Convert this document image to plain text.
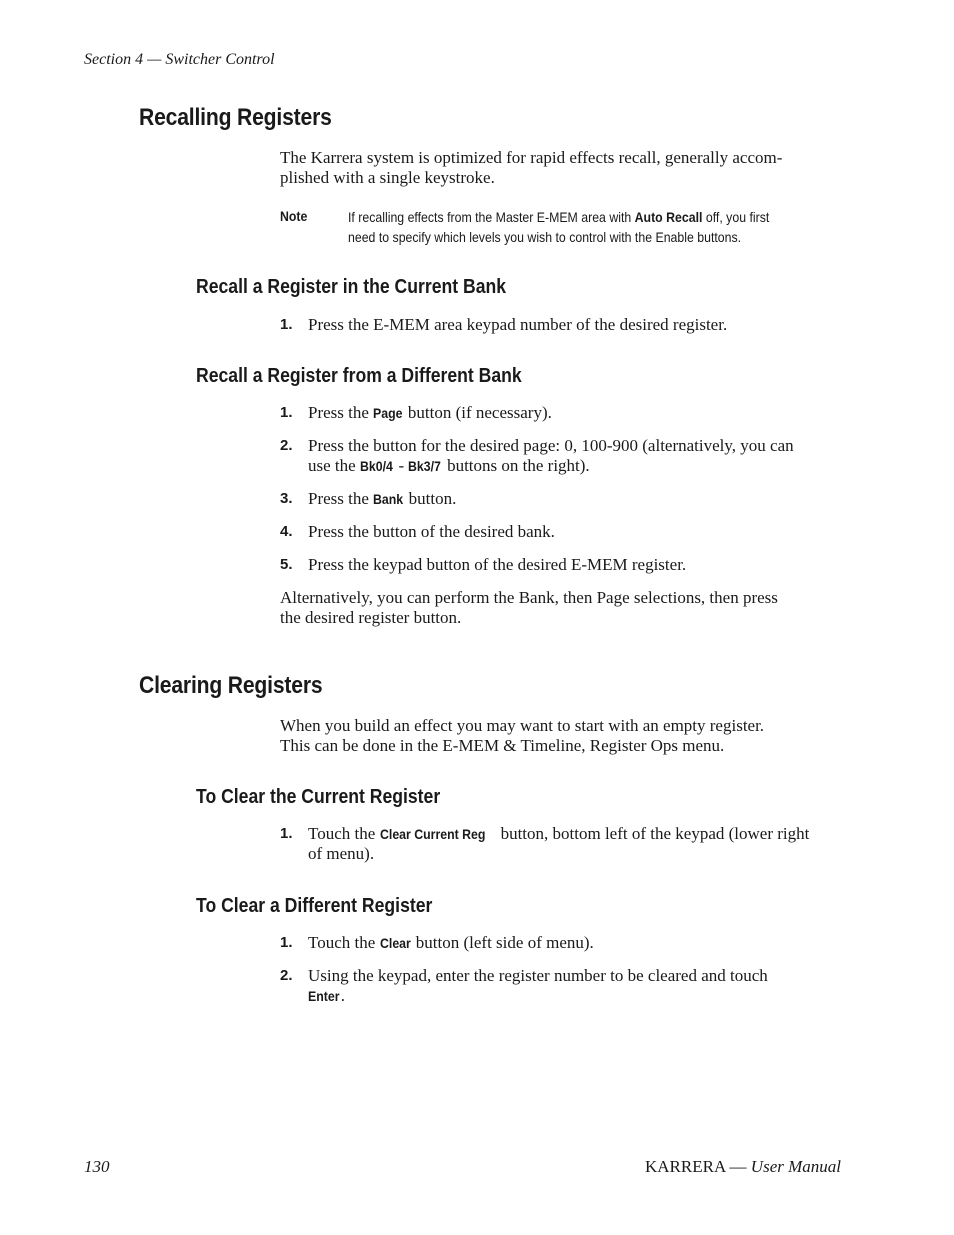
Section 4 — Switcher Control
Recalling Registers
The Karrera system is optimized for rapid effects recall, generally accom-
plished with a single keystroke.
Note	If recalling effects from the Master E-MEM area with Auto Recall off, you first
need to specify which levels you wish to control with the Enable buttons.
Recall a Register in the Current Bank
1. Press the E-MEM area keypad number of the desired register.
Recall a Register from a Different Bank
1. Press the Page button (if necessary).
2. Press the button for the desired page: 0, 100-900 (alternatively, you can
use the Bk0/4 - Bk3/7 buttons on the right).
3. Press the Bank button.
4. Press the button of the desired bank.
5. Press the keypad button of the desired E-MEM register.
Alternatively, you can perform the Bank, then Page selections, then press
the desired register button.
Clearing Registers
When you build an effect you may want to start with an empty register.
This can be done in the E-MEM & Timeline, Register Ops menu.
To Clear the Current Register
1. Touch the Clear Current Reg button, bottom left of the keypad (lower right
of menu).
To Clear a Different Register
1. Touch the Clear button (left side of menu).
2. Using the keypad, enter the register number to be cleared and touch
Enter.
130	KARRERA — User Manual
